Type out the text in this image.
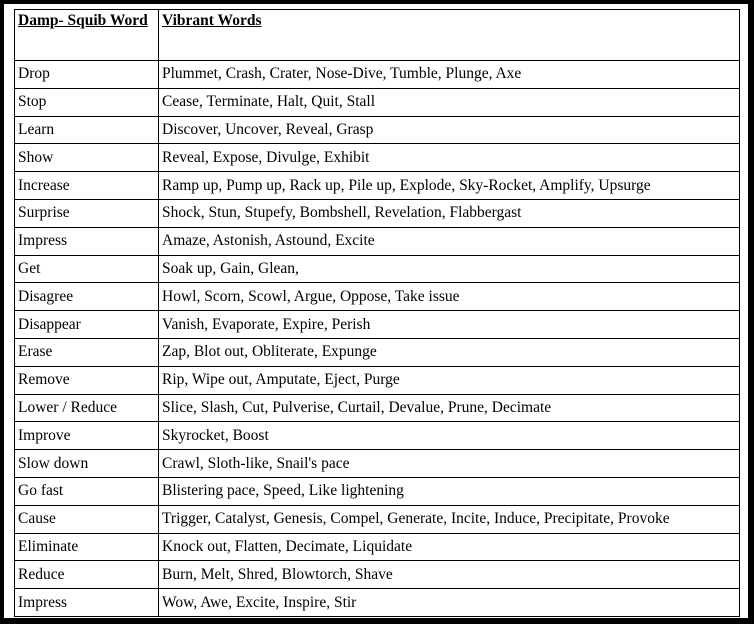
Damp- Squib Word	Vibrant Words
Drop	Plummet, Crash, Crater, Nose-Dive, Tumble, Plunge, Axe
Stop	Cease, Terminate, Halt, Quit, Stall
Learn	Discover, Uncover, Reveal, Grasp
Show	Reveal, Expose, Divulge, Exhibit
Increase	Ramp up, Pump up, Rack up, Pile up, Explode, Sky-Rocket, Amplify, Upsurge
Surprise	Shock, Stun, Stupefy, Bombshell, Revelation, Flabbergast
Impress	Amaze, Astonish, Astound, Excite
Get	Soak up, Gain, Glean,
Disagree	Howl, Scorn, Scowl, Argue, Oppose, Take issue
Disappear	Vanish, Evaporate, Expire, Perish
Erase	Zap, Blot out, Obliterate, Expunge
Remove	Rip, Wipe out, Amputate, Eject, Purge
Lower / Reduce	Slice, Slash, Cut, Pulverise, Curtail, Devalue, Prune, Decimate
Improve	Skyrocket, Boost
Slow down	Crawl, Sloth-like, Snail's pace
Go fast	Blistering pace, Speed, Like lightening
Cause	Trigger, Catalyst, Genesis, Compel, Generate, Incite, Induce, Precipitate, Provoke
Eliminate	Knock out, Flatten, Decimate, Liquidate
Reduce	Burn, Melt, Shred, Blowtorch, Shave
Impress	Wow, Awe, Excite, Inspire, Stir
